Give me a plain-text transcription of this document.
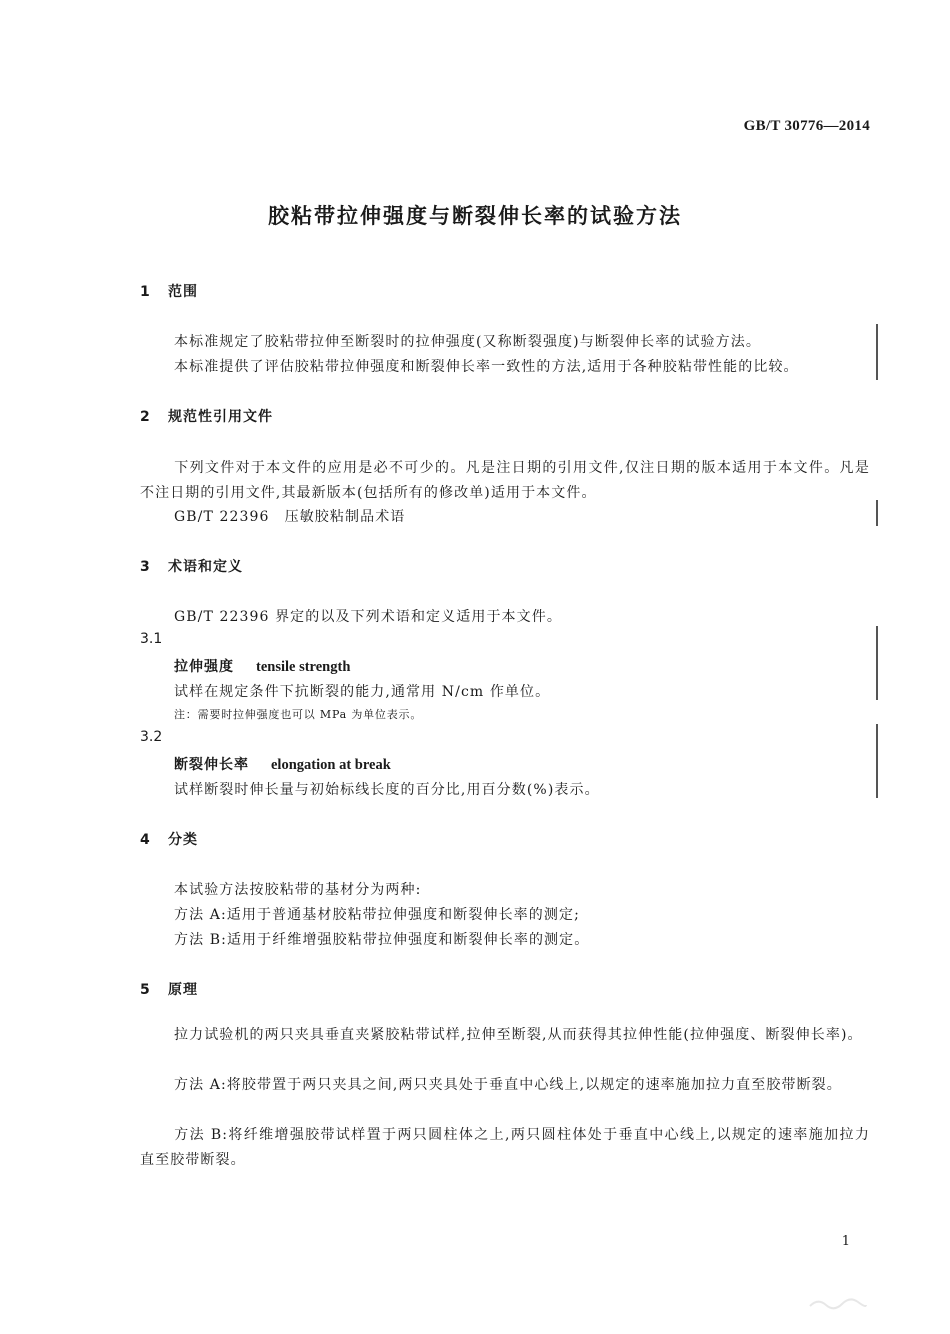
GB/T 30776—2014
胶粘带拉伸强度与断裂伸长率的试验方法
1 范围
本标准规定了胶粘带拉伸至断裂时的拉伸强度(又称断裂强度)与断裂伸长率的试验方法。
本标准提供了评估胶粘带拉伸强度和断裂伸长率一致性的方法,适用于各种胶粘带性能的比较。
2 规范性引用文件
下列文件对于本文件的应用是必不可少的。凡是注日期的引用文件,仅注日期的版本适用于本文件。凡是不注日期的引用文件,其最新版本(包括所有的修改单)适用于本文件。
GB/T 22396　压敏胶粘制品术语
3 术语和定义
GB/T 22396 界定的以及下列术语和定义适用于本文件。
3.1
拉伸强度 tensile strength
试样在规定条件下抗断裂的能力,通常用 N/cm 作单位。
注：需要时拉伸强度也可以 MPa 为单位表示。
3.2
断裂伸长率 elongation at break
试样断裂时伸长量与初始标线长度的百分比,用百分数(%)表示。
4 分类
本试验方法按胶粘带的基材分为两种:
方法 A:适用于普通基材胶粘带拉伸强度和断裂伸长率的测定;
方法 B:适用于纤维增强胶粘带拉伸强度和断裂伸长率的测定。
5 原理
拉力试验机的两只夹具垂直夹紧胶粘带试样,拉伸至断裂,从而获得其拉伸性能(拉伸强度、断裂伸长率)。
方法 A:将胶带置于两只夹具之间,两只夹具处于垂直中心线上,以规定的速率施加拉力直至胶带断裂。
方法 B:将纤维增强胶带试样置于两只圆柱体之上,两只圆柱体处于垂直中心线上,以规定的速率施加拉力直至胶带断裂。
1
